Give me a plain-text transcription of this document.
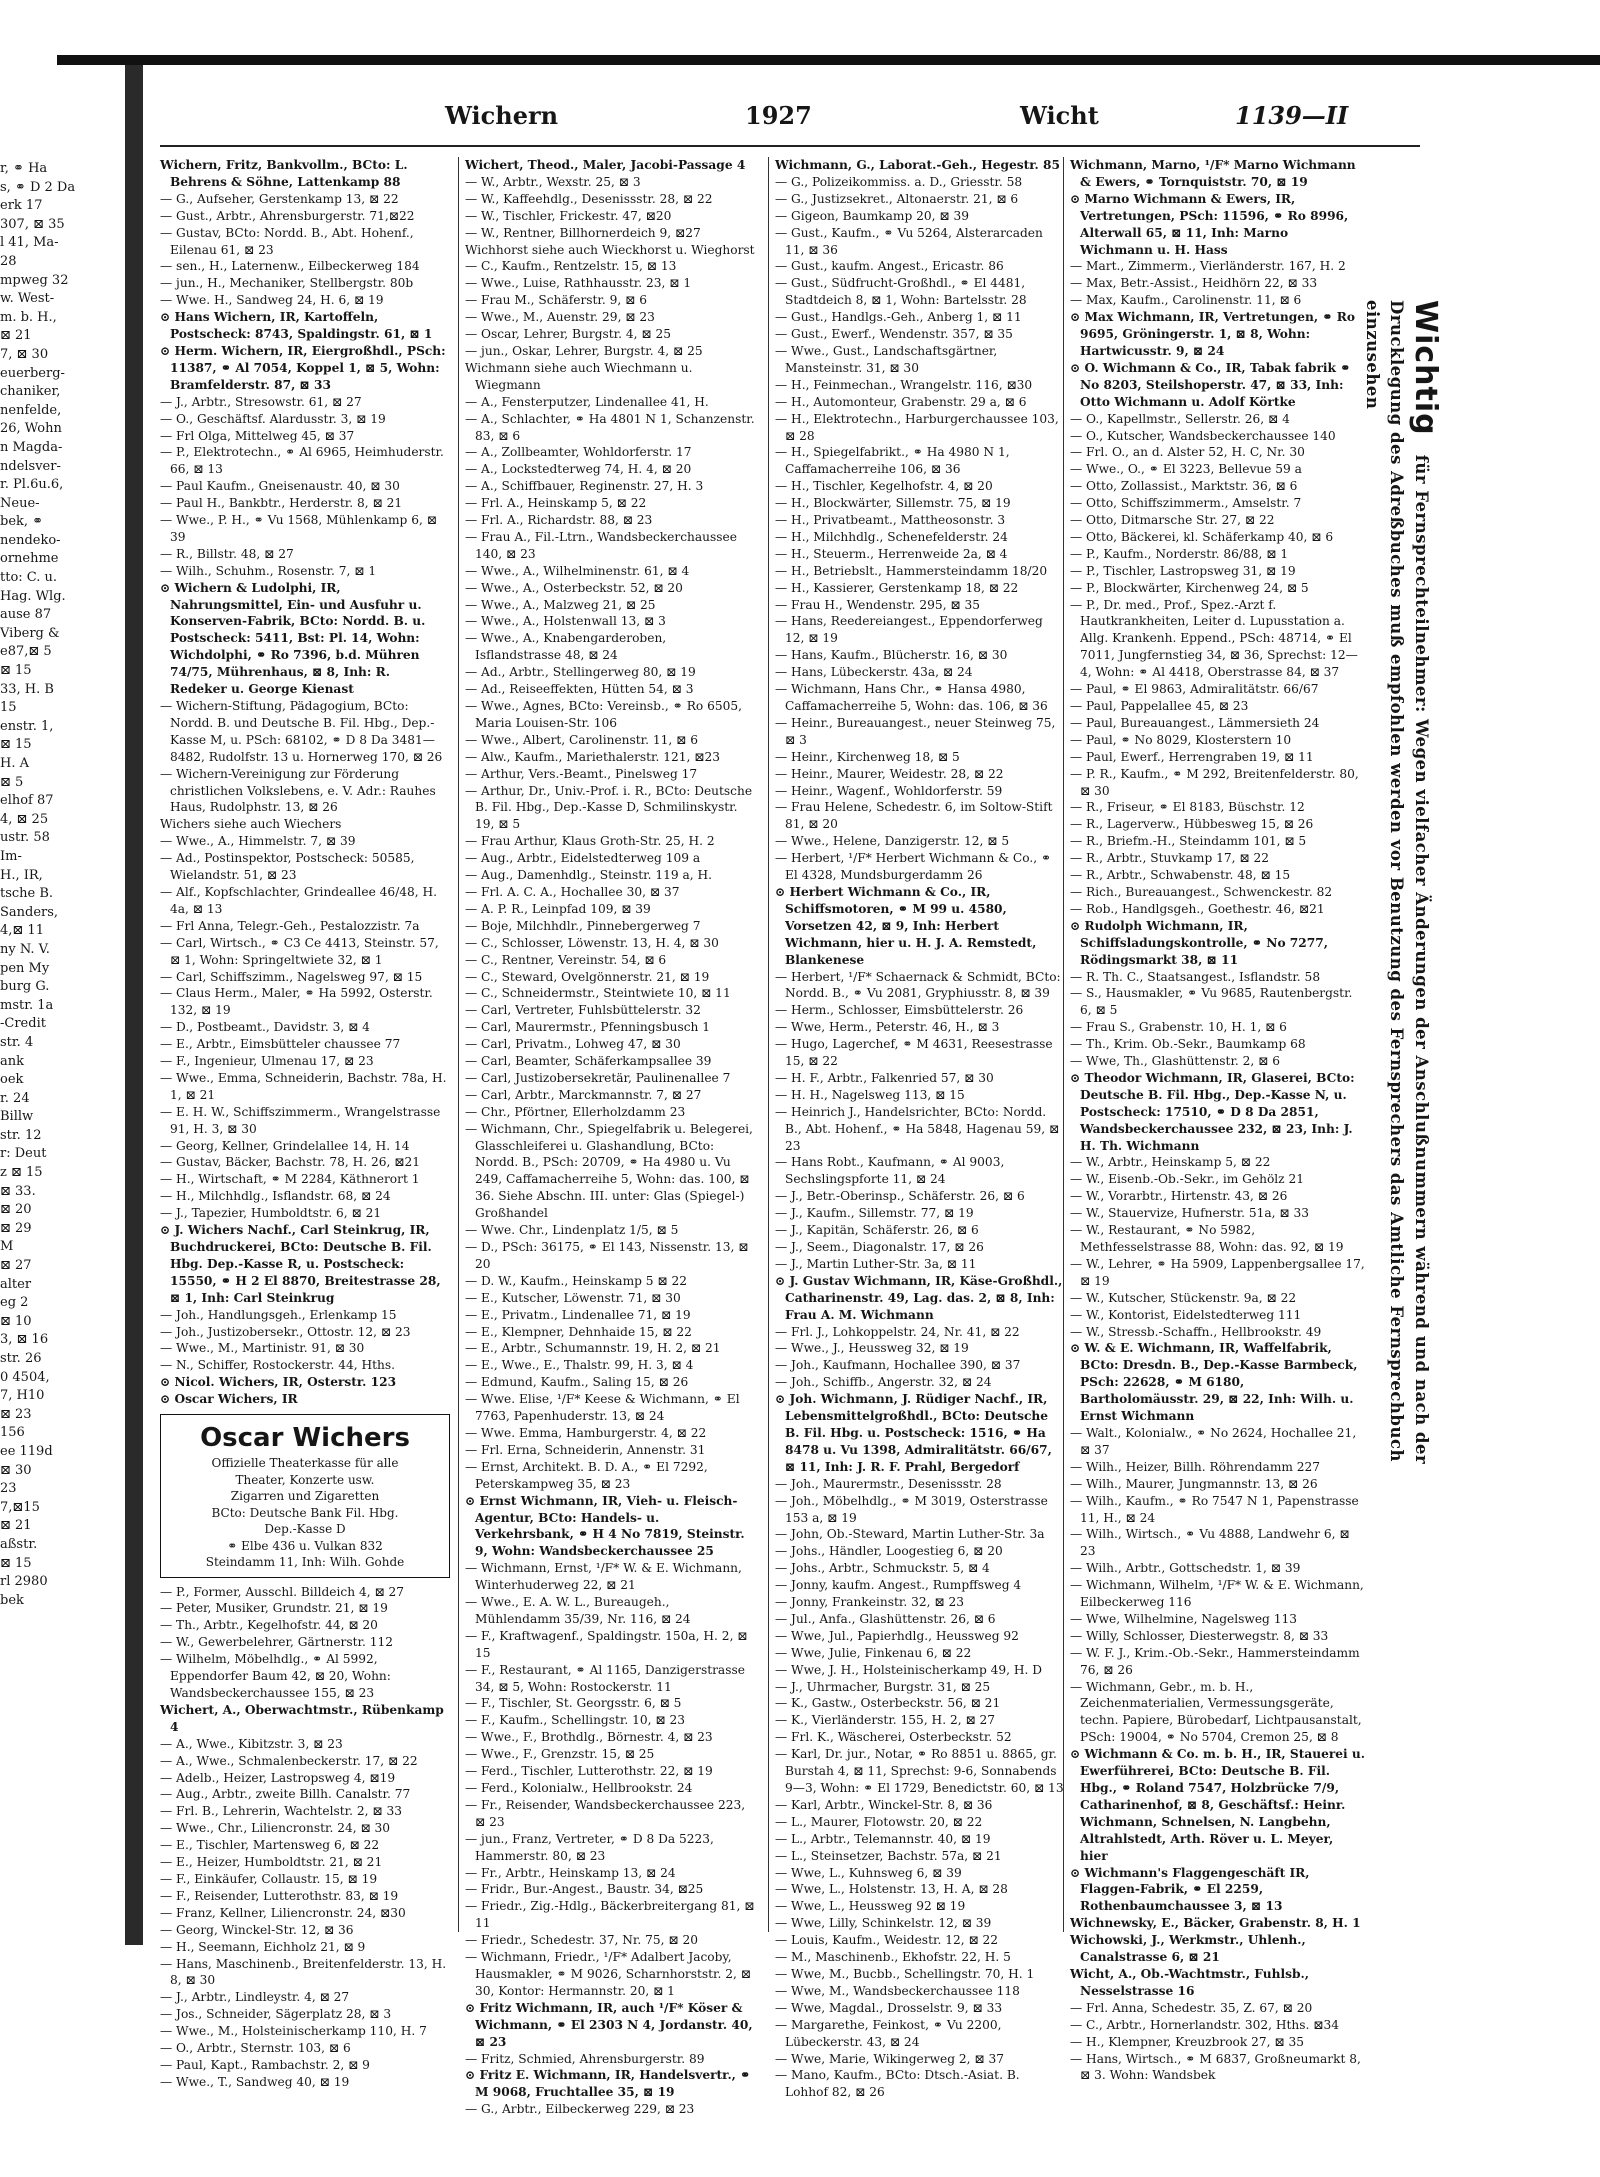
r, ⚭ Ha
s, ⚭ D 2 Da
erk 17
307, ⊠ 35
l 41, Ma-
28
mpweg 32
w. West-
m. b. H.,
⊠ 21
7, ⊠ 30
euerberg-
chaniker,
nenfelde,
26, Wohn
n Magda-
ndelsver-
r. Pl.6u.6,
Neue-
bek, ⚭
nendeko-
ornehme
tto: C. u.
Hag. Wlg.
ause 87
Viberg &
e87,⊠ 5
⊠ 15
33, H. B
15
enstr. 1,
⊠ 15
H. A
⊠ 5
elhof 87
4, ⊠ 25
ustr. 58
Im-
H., IR,
tsche B.
Sanders,
4,⊠ 11
ny N. V.
pen My
burg G.
mstr. 1a
-Credit
str. 4
ank
oek
r. 24
Billw
str. 12
r: Deut
z ⊠ 15
⊠ 33.
⊠ 20
⊠ 29
M
⊠ 27
alter
eg 2
⊠ 10
3, ⊠ 16
str. 26
0 4504,
7, H10
⊠ 23
156
ee 119d
⊠ 30
23
7,⊠15
⊠ 21
aßstr.
⊠ 15
rl 2980
bek
Wichern	1927	Wicht	1139—II
Wichern, Fritz, Bankvollm., BCto: L. Behrens & Söhne, Lattenkamp 88
— G., Aufseher, Gerstenkamp 13, ⊠ 22
— Gust., Arbtr., Ahrensburgerstr. 71,⊠22
— Gustav, BCto: Nordd. B., Abt. Hohenf., Eilenau 61, ⊠ 23
— sen., H., Laternenw., Eilbeckerweg 184
— jun., H., Mechaniker, Stellbergstr. 80b
— Wwe. H., Sandweg 24, H. 6, ⊠ 19
⊙ Hans Wichern, IR, Kartoffeln, Postscheck: 8743, Spaldingstr. 61, ⊠ 1
⊙ Herm. Wichern, IR, Eiergroßhdl., PSch: 11387, ⚭ Al 7054, Koppel 1, ⊠ 5, Wohn: Bramfelderstr. 87, ⊠ 33
— J., Arbtr., Stresowstr. 61, ⊠ 27
— O., Geschäftsf. Alardusstr. 3, ⊠ 19
— Frl Olga, Mittelweg 45, ⊠ 37
— P., Elektrotechn., ⚭ Al 6965, Heimhuderstr. 66, ⊠ 13
— Paul Kaufm., Gneisenaustr. 40, ⊠ 30
— Paul H., Bankbtr., Herderstr. 8, ⊠ 21
— Wwe., P. H., ⚭ Vu 1568, Mühlenkamp 6, ⊠ 39
— R., Billstr. 48, ⊠ 27
— Wilh., Schuhm., Rosenstr. 7, ⊠ 1
⊙ Wichern & Ludolphi, IR, Nahrungsmittel, Ein- und Ausfuhr u. Konserven-Fabrik, BCto: Nordd. B. u. Postscheck: 5411, Bst: Pl. 14, Wohn: Wichdolphi, ⚭ Ro 7396, b.d. Mühren 74/75, Mührenhaus, ⊠ 8, Inh: R. Redeker u. George Kienast
— Wichern-Stiftung, Pädagogium, BCto: Nordd. B. und Deutsche B. Fil. Hbg., Dep.-Kasse M, u. PSch: 68102, ⚭ D 8 Da 3481—8482, Rudolfstr. 13 u. Hornerweg 170, ⊠ 26
— Wichern-Vereinigung zur Förderung christlichen Volkslebens, e. V. Adr.: Rauhes Haus, Rudolphstr. 13, ⊠ 26
Wichers siehe auch Wiechers
— Wwe., A., Himmelstr. 7, ⊠ 39
— Ad., Postinspektor, Postscheck: 50585, Wielandstr. 51, ⊠ 23
— Alf., Kopfschlachter, Grindeallee 46/48, H. 4a, ⊠ 13
— Frl Anna, Telegr.-Geh., Pestalozzistr. 7a
— Carl, Wirtsch., ⚭ C3 Ce 4413, Steinstr. 57, ⊠ 1, Wohn: Springeltwiete 32, ⊠ 1
— Carl, Schiffszimm., Nagelsweg 97, ⊠ 15
— Claus Herm., Maler, ⚭ Ha 5992, Osterstr. 132, ⊠ 19
— D., Postbeamt., Davidstr. 3, ⊠ 4
— E., Arbtr., Eimsbütteler chaussee 77
— F., Ingenieur, Ulmenau 17, ⊠ 23
— Wwe., Emma, Schneiderin, Bachstr. 78a, H. 1, ⊠ 21
— E. H. W., Schiffszimmerm., Wrangelstrasse 91, H. 3, ⊠ 30
— Georg, Kellner, Grindelallee 14, H. 14
— Gustav, Bäcker, Bachstr. 78, H. 26, ⊠21
— H., Wirtschaft, ⚭ M 2284, Käthnerort 1
— H., Milchhdlg., Isflandstr. 68, ⊠ 24
— J., Tapezier, Humboldtstr. 6, ⊠ 21
⊙ J. Wichers Nachf., Carl Steinkrug, IR, Buchdruckerei, BCto: Deutsche B. Fil. Hbg. Dep.-Kasse R, u. Postscheck: 15550, ⚭ H 2 El 8870, Breitestrasse 28, ⊠ 1, Inh: Carl Steinkrug
— Joh., Handlungsgeh., Erlenkamp 15
— Joh., Justizobersekr., Ottostr. 12, ⊠ 23
— Wwe., M., Martinistr. 91, ⊠ 30
— N., Schiffer, Rostockerstr. 44, Hths.
⊙ Nicol. Wichers, IR, Osterstr. 123
⊙ Oscar Wichers, IR
Oscar Wichers
Offizielle Theaterkasse für alle
Theater, Konzerte usw.
Zigarren und Zigaretten
BCto: Deutsche Bank Fil. Hbg.
Dep.-Kasse D
⚭ Elbe 436 u. Vulkan 832
Steindamm 11, Inh: Wilh. Gohde
— P., Former, Ausschl. Billdeich 4, ⊠ 27
— Peter, Musiker, Grundstr. 21, ⊠ 19
— Th., Arbtr., Kegelhofstr. 44, ⊠ 20
— W., Gewerbelehrer, Gärtnerstr. 112
— Wilhelm, Möbelhdlg., ⚭ Al 5992, Eppendorfer Baum 42, ⊠ 20, Wohn: Wandsbeckerchaussee 155, ⊠ 23
Wichert, A., Oberwachtmstr., Rübenkamp 4
— A., Wwe., Kibitzstr. 3, ⊠ 23
— A., Wwe., Schmalenbeckerstr. 17, ⊠ 22
— Adelb., Heizer, Lastropsweg 4, ⊠19
— Aug., Arbtr., zweite Billh. Canalstr. 77
— Frl. B., Lehrerin, Wachtelstr. 2, ⊠ 33
— Wwe., Chr., Liliencronstr. 24, ⊠ 30
— E., Tischler, Martensweg 6, ⊠ 22
— E., Heizer, Humboldtstr. 21, ⊠ 21
— F., Einkäufer, Collaustr. 15, ⊠ 19
— F., Reisender, Lutterothstr. 83, ⊠ 19
— Franz, Kellner, Liliencronstr. 24, ⊠30
— Georg, Winckel-Str. 12, ⊠ 36
— H., Seemann, Eichholz 21, ⊠ 9
— Hans, Maschinenb., Breitenfelderstr. 13, H. 8, ⊠ 30
— J., Arbtr., Lindleystr. 4, ⊠ 27
— Jos., Schneider, Sägerplatz 28, ⊠ 3
— Wwe., M., Holsteinischerkamp 110, H. 7
— O., Arbtr., Sternstr. 103, ⊠ 6
— Paul, Kapt., Rambachstr. 2, ⊠ 9
— Wwe., T., Sandweg 40, ⊠ 19
Wichert, Theod., Maler, Jacobi-Passage 4
— W., Arbtr., Wexstr. 25, ⊠ 3
— W., Kaffeehdlg., Desenissstr. 28, ⊠ 22
— W., Tischler, Frickestr. 47, ⊠20
— W., Rentner, Billhornerdeich 9, ⊠27
Wichhorst siehe auch Wieckhorst u. Wieghorst
— C., Kaufm., Rentzelstr. 15, ⊠ 13
— Wwe., Luise, Rathhausstr. 23, ⊠ 1
— Frau M., Schäferstr. 9, ⊠ 6
— Wwe., M., Auenstr. 29, ⊠ 23
— Oscar, Lehrer, Burgstr. 4, ⊠ 25
— jun., Oskar, Lehrer, Burgstr. 4, ⊠ 25
Wichmann siehe auch Wiechmann u. Wiegmann
— A., Fensterputzer, Lindenallee 41, H.
— A., Schlachter, ⚭ Ha 4801 N 1, Schanzenstr. 83, ⊠ 6
— A., Zollbeamter, Wohldorferstr. 17
— A., Lockstedterweg 74, H. 4, ⊠ 20
— A., Schiffbauer, Reginenstr. 27, H. 3
— Frl. A., Heinskamp 5, ⊠ 22
— Frl. A., Richardstr. 88, ⊠ 23
— Frau A., Fil.-Ltrn., Wandsbeckerchaussee 140, ⊠ 23
— Wwe., A., Wilhelminenstr. 61, ⊠ 4
— Wwe., A., Osterbeckstr. 52, ⊠ 20
— Wwe., A., Malzweg 21, ⊠ 25
— Wwe., A., Holstenwall 13, ⊠ 3
— Wwe., A., Knabengarderoben, Isflandstrasse 48, ⊠ 24
— Ad., Arbtr., Stellingerweg 80, ⊠ 19
— Ad., Reiseeffekten, Hütten 54, ⊠ 3
— Wwe., Agnes, BCto: Vereinsb., ⚭ Ro 6505, Maria Louisen-Str. 106
— Wwe., Albert, Carolinenstr. 11, ⊠ 6
— Alw., Kaufm., Mariethalerstr. 121, ⊠23
— Arthur, Vers.-Beamt., Pinelsweg 17
— Arthur, Dr., Univ.-Prof. i. R., BCto: Deutsche B. Fil. Hbg., Dep.-Kasse D, Schmilinskystr. 19, ⊠ 5
— Frau Arthur, Klaus Groth-Str. 25, H. 2
— Aug., Arbtr., Eidelstedterweg 109 a
— Aug., Damenhdlg., Steinstr. 119 a, H.
— Frl. A. C. A., Hochallee 30, ⊠ 37
— A. P. R., Leinpfad 109, ⊠ 39
— Boje, Milchhdlr., Pinnebergerweg 7
— C., Schlosser, Löwenstr. 13, H. 4, ⊠ 30
— C., Rentner, Vereinstr. 54, ⊠ 6
— C., Steward, Ovelgönnerstr. 21, ⊠ 19
— C., Schneidermstr., Steintwiete 10, ⊠ 11
— Carl, Vertreter, Fuhlsbüttelerstr. 32
— Carl, Maurermstr., Pfenningsbusch 1
— Carl, Privatm., Lohweg 47, ⊠ 30
— Carl, Beamter, Schäferkampsallee 39
— Carl, Justizobersekretär, Paulinenallee 7
— Carl, Arbtr., Marckmannstr. 7, ⊠ 27
— Chr., Pförtner, Ellerholzdamm 23
— Wichmann, Chr., Spiegelfabrik u. Belegerei, Glasschleiferei u. Glashandlung, BCto: Nordd. B., PSch: 20709, ⚭ Ha 4980 u. Vu 249, Caffamacherreihe 5, Wohn: das. 100, ⊠ 36. Siehe Abschn. III. unter: Glas (Spiegel-) Großhandel
— Wwe. Chr., Lindenplatz 1/5, ⊠ 5
— D., PSch: 36175, ⚭ El 143, Nissenstr. 13, ⊠ 20
— D. W., Kaufm., Heinskamp 5 ⊠ 22
— E., Kutscher, Löwenstr. 71, ⊠ 30
— E., Privatm., Lindenallee 71, ⊠ 19
— E., Klempner, Dehnhaide 15, ⊠ 22
— E., Arbtr., Schumannstr. 19, H. 2, ⊠ 21
— E., Wwe., E., Thalstr. 99, H. 3, ⊠ 4
— Edmund, Kaufm., Saling 15, ⊠ 26
— Wwe. Elise, ¹/F* Keese & Wichmann, ⚭ El 7763, Papenhuderstr. 13, ⊠ 24
— Wwe. Emma, Hamburgerstr. 4, ⊠ 22
— Frl. Erna, Schneiderin, Annenstr. 31
— Ernst, Architekt. B. D. A., ⚭ El 7292, Peterskampweg 35, ⊠ 23
⊙ Ernst Wichmann, IR, Vieh- u. Fleisch-Agentur, BCto: Handels- u. Verkehrsbank, ⚭ H 4 No 7819, Steinstr. 9, Wohn: Wandsbeckerchaussee 25
— Wichmann, Ernst, ¹/F* W. & E. Wichmann, Winterhuderweg 22, ⊠ 21
— Wwe., E. A. W. L., Bureaugeh., Mühlendamm 35/39, Nr. 116, ⊠ 24
— F., Kraftwagenf., Spaldingstr. 150a, H. 2, ⊠ 15
— F., Restaurant, ⚭ Al 1165, Danzigerstrasse 34, ⊠ 5, Wohn: Rostockerstr. 11
— F., Tischler, St. Georgsstr. 6, ⊠ 5
— F., Kaufm., Schellingstr. 10, ⊠ 23
— Wwe., F., Brothdlg., Börnestr. 4, ⊠ 23
— Wwe., F., Grenzstr. 15, ⊠ 25
— Ferd., Tischler, Lutterothstr. 22, ⊠ 19
— Ferd., Kolonialw., Hellbrookstr. 24
— Fr., Reisender, Wandsbeckerchaussee 223, ⊠ 23
— jun., Franz, Vertreter, ⚭ D 8 Da 5223, Hammerstr. 80, ⊠ 23
— Fr., Arbtr., Heinskamp 13, ⊠ 24
— Fridr., Bur.-Angest., Baustr. 34, ⊠25
— Friedr., Zig.-Hdlg., Bäckerbreitergang 81, ⊠ 11
— Friedr., Schedestr. 37, Nr. 75, ⊠ 20
— Wichmann, Friedr., ¹/F* Adalbert Jacoby, Hausmakler, ⚭ M 9026, Scharnhorststr. 2, ⊠ 30, Kontor: Hermannstr. 20, ⊠ 1
⊙ Fritz Wichmann, IR, auch ¹/F* Köser & Wichmann, ⚭ El 2303 N 4, Jordanstr. 40, ⊠ 23
— Fritz, Schmied, Ahrensburgerstr. 89
⊙ Fritz E. Wichmann, IR, Handelsvertr., ⚭ M 9068, Fruchtallee 35, ⊠ 19
— G., Arbtr., Eilbeckerweg 229, ⊠ 23
Wichmann, G., Laborat.-Geh., Hegestr. 85
— G., Polizeikommiss. a. D., Griesstr. 58
— G., Justizsekret., Altonaerstr. 21, ⊠ 6
— Gigeon, Baumkamp 20, ⊠ 39
— Gust., Kaufm., ⚭ Vu 5264, Alsterarcaden 11, ⊠ 36
— Gust., kaufm. Angest., Ericastr. 86
— Gust., Südfrucht-Großhdl., ⚭ El 4481, Stadtdeich 8, ⊠ 1, Wohn: Bartelsstr. 28
— Gust., Handlgs.-Geh., Anberg 1, ⊠ 11
— Gust., Ewerf., Wendenstr. 357, ⊠ 35
— Wwe., Gust., Landschaftsgärtner, Mansteinstr. 31, ⊠ 30
— H., Feinmechan., Wrangelstr. 116, ⊠30
— H., Automonteur, Grabenstr. 29 a, ⊠ 6
— H., Elektrotechn., Harburgerchaussee 103, ⊠ 28
— H., Spiegelfabrikt., ⚭ Ha 4980 N 1, Caffamacherreihe 106, ⊠ 36
— H., Tischler, Kegelhofstr. 4, ⊠ 20
— H., Blockwärter, Sillemstr. 75, ⊠ 19
— H., Privatbeamt., Mattheosonstr. 3
— H., Milchhdlg., Schenefelderstr. 24
— H., Steuerm., Herrenweide 2a, ⊠ 4
— H., Betriebslt., Hammersteindamm 18/20
— H., Kassierer, Gerstenkamp 18, ⊠ 22
— Frau H., Wendenstr. 295, ⊠ 35
— Hans, Reedereiangest., Eppendorferweg 12, ⊠ 19
— Hans, Kaufm., Blücherstr. 16, ⊠ 30
— Hans, Lübeckerstr. 43a, ⊠ 24
— Wichmann, Hans Chr., ⚭ Hansa 4980, Caffamacherreihe 5, Wohn: das. 106, ⊠ 36
— Heinr., Bureauangest., neuer Steinweg 75, ⊠ 3
— Heinr., Kirchenweg 18, ⊠ 5
— Heinr., Maurer, Weidestr. 28, ⊠ 22
— Heinr., Wagenf., Wohldorferstr. 59
— Frau Helene, Schedestr. 6, im Soltow-Stift 81, ⊠ 20
— Wwe., Helene, Danzigerstr. 12, ⊠ 5
— Herbert, ¹/F* Herbert Wichmann & Co., ⚭ El 4328, Mundsburgerdamm 26
⊙ Herbert Wichmann & Co., IR, Schiffsmotoren, ⚭ M 99 u. 4580, Vorsetzen 42, ⊠ 9, Inh: Herbert Wichmann, hier u. H. J. A. Remstedt, Blankenese
— Herbert, ¹/F* Schaernack & Schmidt, BCto: Nordd. B., ⚭ Vu 2081, Gryphiusstr. 8, ⊠ 39
— Herm., Schlosser, Eimsbüttelerstr. 26
— Wwe, Herm., Peterstr. 46, H., ⊠ 3
— Hugo, Lagerchef, ⚭ M 4631, Reesestrasse 15, ⊠ 22
— H. F., Arbtr., Falkenried 57, ⊠ 30
— H. H., Nagelsweg 113, ⊠ 15
— Heinrich J., Handelsrichter, BCto: Nordd. B., Abt. Hohenf., ⚭ Ha 5848, Hagenau 59, ⊠ 23
— Hans Robt., Kaufmann, ⚭ Al 9003, Sechslingspforte 11, ⊠ 24
— J., Betr.-Oberinsp., Schäferstr. 26, ⊠ 6
— J., Kaufm., Sillemstr. 77, ⊠ 19
— J., Kapitän, Schäferstr. 26, ⊠ 6
— J., Seem., Diagonalstr. 17, ⊠ 26
— J., Martin Luther-Str. 3a, ⊠ 11
⊙ J. Gustav Wichmann, IR, Käse-Großhdl., Catharinenstr. 49, Lag. das. 2, ⊠ 8, Inh: Frau A. M. Wichmann
— Frl. J., Lohkoppelstr. 24, Nr. 41, ⊠ 22
— Wwe., J., Heussweg 32, ⊠ 19
— Joh., Kaufmann, Hochallee 390, ⊠ 37
— Joh., Schiffb., Angerstr. 32, ⊠ 24
⊙ Joh. Wichmann, J. Rüdiger Nachf., IR, Lebensmittelgroßhdl., BCto: Deutsche B. Fil. Hbg. u. Postscheck: 1516, ⚭ Ha 8478 u. Vu 1398, Admiralitätstr. 66/67, ⊠ 11, Inh: J. R. F. Prahl, Bergedorf
— Joh., Maurermstr., Desenissstr. 28
— Joh., Möbelhdlg., ⚭ M 3019, Osterstrasse 153 a, ⊠ 19
— John, Ob.-Steward, Martin Luther-Str. 3a
— Johs., Händler, Loogestieg 6, ⊠ 20
— Johs., Arbtr., Schmuckstr. 5, ⊠ 4
— Jonny, kaufm. Angest., Rumpffsweg 4
— Jonny, Frankeinstr. 32, ⊠ 23
— Jul., Anfa., Glashüttenstr. 26, ⊠ 6
— Wwe, Jul., Papierhdlg., Heussweg 92
— Wwe, Julie, Finkenau 6, ⊠ 22
— Wwe, J. H., Holsteinischerkamp 49, H. D
— J., Uhrmacher, Burgstr. 31, ⊠ 25
— K., Gastw., Osterbeckstr. 56, ⊠ 21
— K., Vierländerstr. 155, H. 2, ⊠ 27
— Frl. K., Wäscherei, Osterbeckstr. 52
— Karl, Dr. jur., Notar, ⚭ Ro 8851 u. 8865, gr. Burstah 4, ⊠ 11, Sprechst: 9-6, Sonnabends 9—3, Wohn: ⚭ El 1729, Benedictstr. 60, ⊠ 13
— Karl, Arbtr., Winckel-Str. 8, ⊠ 36
— L., Maurer, Flotowstr. 20, ⊠ 22
— L., Arbtr., Telemannstr. 40, ⊠ 19
— L., Steinsetzer, Bachstr. 57a, ⊠ 21
— Wwe, L., Kuhnsweg 6, ⊠ 39
— Wwe, L., Holstenstr. 13, H. A, ⊠ 28
— Wwe, L., Heussweg 92 ⊠ 19
— Wwe, Lilly, Schinkelstr. 12, ⊠ 39
— Louis, Kaufm., Weidestr. 12, ⊠ 22
— M., Maschinenb., Ekhofstr. 22, H. 5
— Wwe, M., Bucbb., Schellingstr. 70, H. 1
— Wwe, M., Wandsbeckerchaussee 118
— Wwe, Magdal., Drosselstr. 9, ⊠ 33
— Margarethe, Feinkost, ⚭ Vu 2200, Lübeckerstr. 43, ⊠ 24
— Wwe, Marie, Wikingerweg 2, ⊠ 37
— Mano, Kaufm., BCto: Dtsch.-Asiat. B. Lohhof 82, ⊠ 26
Wichmann, Marno, ¹/F* Marno Wichmann & Ewers, ⚭ Tornquiststr. 70, ⊠ 19
⊙ Marno Wichmann & Ewers, IR, Vertretungen, PSch: 11596, ⚭ Ro 8996, Alterwall 65, ⊠ 11, Inh: Marno Wichmann u. H. Hass
— Mart., Zimmerm., Vierländerstr. 167, H. 2
— Max, Betr.-Assist., Heidhörn 22, ⊠ 33
— Max, Kaufm., Carolinenstr. 11, ⊠ 6
⊙ Max Wichmann, IR, Vertretungen, ⚭ Ro 9695, Gröningerstr. 1, ⊠ 8, Wohn: Hartwicusstr. 9, ⊠ 24
⊙ O. Wichmann & Co., IR, Tabak fabrik ⚭ No 8203, Steilshoperstr. 47, ⊠ 33, Inh: Otto Wichmann u. Adolf Körtke
— O., Kapellmstr., Sellerstr. 26, ⊠ 4
— O., Kutscher, Wandsbeckerchaussee 140
— Frl. O., an d. Alster 52, H. C, Nr. 30
— Wwe., O., ⚭ El 3223, Bellevue 59 a
— Otto, Zollassist., Marktstr. 36, ⊠ 6
— Otto, Schiffszimmerm., Amselstr. 7
— Otto, Ditmarsche Str. 27, ⊠ 22
— Otto, Bäckerei, kl. Schäferkamp 40, ⊠ 6
— P., Kaufm., Norderstr. 86/88, ⊠ 1
— P., Tischler, Lastropsweg 31, ⊠ 19
— P., Blockwärter, Kirchenweg 24, ⊠ 5
— P., Dr. med., Prof., Spez.-Arzt f. Hautkrankheiten, Leiter d. Lupusstation a. Allg. Krankenh. Eppend., PSch: 48714, ⚭ El 7011, Jungfernstieg 34, ⊠ 36, Sprechst: 12—4, Wohn: ⚭ Al 4418, Oberstrasse 84, ⊠ 37
— Paul, ⚭ El 9863, Admiralitätstr. 66/67
— Paul, Pappelallee 45, ⊠ 23
— Paul, Bureauangest., Lämmersieth 24
— Paul, ⚭ No 8029, Klosterstern 10
— Paul, Ewerf., Herrengraben 19, ⊠ 11
— P. R., Kaufm., ⚭ M 292, Breitenfelderstr. 80, ⊠ 30
— R., Friseur, ⚭ El 8183, Büschstr. 12
— R., Lagerverw., Hübbesweg 15, ⊠ 26
— R., Briefm.-H., Steindamm 101, ⊠ 5
— R., Arbtr., Stuvkamp 17, ⊠ 22
— R., Arbtr., Schwabenstr. 48, ⊠ 15
— Rich., Bureauangest., Schwenckestr. 82
— Rob., Handlgsgeh., Goethestr. 46, ⊠21
⊙ Rudolph Wichmann, IR, Schiffsladungskontrolle, ⚭ No 7277, Rödingsmarkt 38, ⊠ 11
— R. Th. C., Staatsangest., Isflandstr. 58
— S., Hausmakler, ⚭ Vu 9685, Rautenbergstr. 6, ⊠ 5
— Frau S., Grabenstr. 10, H. 1, ⊠ 6
— Th., Krim. Ob.-Sekr., Baumkamp 68
— Wwe, Th., Glashüttenstr. 2, ⊠ 6
⊙ Theodor Wichmann, IR, Glaserei, BCto: Deutsche B. Fil. Hbg., Dep.-Kasse N, u. Postscheck: 17510, ⚭ D 8 Da 2851, Wandsbeckerchaussee 232, ⊠ 23, Inh: J. H. Th. Wichmann
— W., Arbtr., Heinskamp 5, ⊠ 22
— W., Eisenb.-Ob.-Sekr., im Gehölz 21
— W., Vorarbtr., Hirtenstr. 43, ⊠ 26
— W., Stauervize, Hufnerstr. 51a, ⊠ 33
— W., Restaurant, ⚭ No 5982, Methfesselstrasse 88, Wohn: das. 92, ⊠ 19
— W., Lehrer, ⚭ Ha 5909, Lappenbergsallee 17, ⊠ 19
— W., Kutscher, Stückenstr. 9a, ⊠ 22
— W., Kontorist, Eidelstedterweg 111
— W., Stressb.-Schaffn., Hellbrookstr. 49
⊙ W. & E. Wichmann, IR, Waffelfabrik, BCto: Dresdn. B., Dep.-Kasse Barmbeck, PSch: 22628, ⚭ M 6180, Bartholomäusstr. 29, ⊠ 22, Inh: Wilh. u. Ernst Wichmann
— Walt., Kolonialw., ⚭ No 2624, Hochallee 21, ⊠ 37
— Wilh., Heizer, Billh. Röhrendamm 227
— Wilh., Maurer, Jungmannstr. 13, ⊠ 26
— Wilh., Kaufm., ⚭ Ro 7547 N 1, Papenstrasse 11, H., ⊠ 24
— Wilh., Wirtsch., ⚭ Vu 4888, Landwehr 6, ⊠ 23
— Wilh., Arbtr., Gottschedstr. 1, ⊠ 39
— Wichmann, Wilhelm, ¹/F* W. & E. Wichmann, Eilbeckerweg 116
— Wwe, Wilhelmine, Nagelsweg 113
— Willy, Schlosser, Diesterwegstr. 8, ⊠ 33
— W. F. J., Krim.-Ob.-Sekr., Hammersteindamm 76, ⊠ 26
— Wichmann, Gebr., m. b. H., Zeichenmaterialien, Vermessungsgeräte, techn. Papiere, Bürobedarf, Lichtpausanstalt, PSch: 19004, ⚭ No 5704, Cremon 25, ⊠ 8
⊙ Wichmann & Co. m. b. H., IR, Stauerei u. Ewerführerei, BCto: Deutsche B. Fil. Hbg., ⚭ Roland 7547, Holzbrücke 7/9, Catharinenhof, ⊠ 8, Geschäftsf.: Heinr. Wichmann, Schnelsen, N. Langbehn, Altrahlstedt, Arth. Röver u. L. Meyer, hier
⊙ Wichmann's Flaggengeschäft IR, Flaggen-Fabrik, ⚭ El 2259, Rothenbaumchaussee 3, ⊠ 13
Wichnewsky, E., Bäcker, Grabenstr. 8, H. 1
Wichowski, J., Werkmstr., Uhlenh., Canalstrasse 6, ⊠ 21
Wicht, A., Ob.-Wachtmstr., Fuhlsb., Nesselstrasse 16
— Frl. Anna, Schedestr. 35, Z. 67, ⊠ 20
— C., Arbtr., Hornerlandstr. 302, Hths. ⊠34
— H., Klempner, Kreuzbrook 27, ⊠ 35
— Hans, Wirtsch., ⚭ M 6837, Großneumarkt 8, ⊠ 3. Wohn: Wandsbek
Wichtig für Fernsprechteilnehmer: Wegen vielfacher Änderungen der Anschlußnummern während und nach der Drucklegung des Adreßbuches muß empfohlen werden vor Benutzung des Fernsprechers das Amtliche Fernsprechbuch einzusehen
